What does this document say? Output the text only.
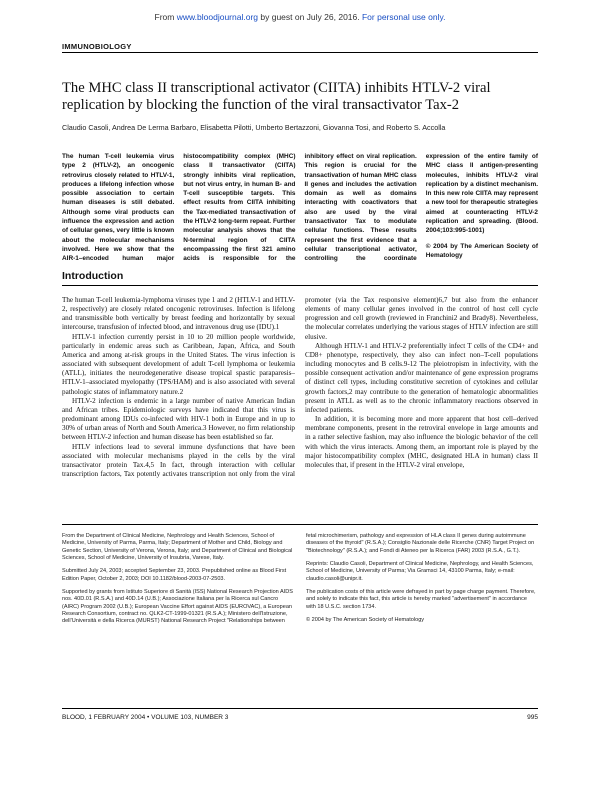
From www.bloodjournal.org by guest on July 26, 2016. For personal use only.
IMMUNOBIOLOGY
The MHC class II transcriptional activator (CIITA) inhibits HTLV-2 viral replication by blocking the function of the viral transactivator Tax-2
Claudio Casoli, Andrea De Lerma Barbaro, Elisabetta Pilotti, Umberto Bertazzoni, Giovanna Tosi, and Roberto S. Accolla

The human T-cell leukemia virus type 2 (HTLV-2), an oncogenic retrovirus closely related to HTLV-1, produces a lifelong infection whose possible association to certain human diseases is still debated. Although some viral products can influence the expression and action of cellular genes, very little is known about the molecular mechanisms involved. Here we show that the AIR-1–encoded human major histocompatibility complex (MHC) class II transactivator (CIITA) strongly inhibits viral replication, but not virus entry, in human B- and T-cell susceptible targets. This effect results from CIITA inhibiting the Tax-mediated transactivation of the HTLV-2 long-term repeat. Further molecular analysis shows that the N-terminal region of CIITA encompassing the first 321 amino acids is responsible for the inhibitory effect on viral replication. This region is crucial for the transactivation of human MHC class II genes and includes the activation domain as well as domains interacting with coactivators that also are used by the viral transactivator Tax to modulate cellular functions. These results represent the first evidence that a cellular transcriptional activator, controlling the coordinate expression of the entire family of MHC class II antigen-presenting molecules, inhibits HTLV-2 viral replication by a distinct mechanism. In this new role CIITA may represent a new tool for therapeutic strategies aimed at counteracting HTLV-2 replication and spreading. (Blood. 2004;103:995-1001)

© 2004 by The American Society of Hematology
Introduction

The human T-cell leukemia-lymphoma viruses type 1 and 2 (HTLV-1 and HTLV-2, respectively) are closely related oncogenic retroviruses. Infection is lifelong and transmissible both vertically by breast feeding and horizontally by sexual intercourse, transfusion of infected blood, and intravenous drug use (IDU).1

HTLV-1 infection currently persist in 10 to 20 million people worldwide, particularly in endemic areas such as Caribbean, Japan, Africa, and South America and among at-risk groups in the United States. The virus infection is associated with subsequent development of adult T-cell lymphoma or leukemia (ATLL), initiates the neurodegenerative disease tropical spastic paraparesis–HTLV-1–associated myelopathy (TPS/HAM) and is also associated with several pathologic states of inflammatory nature.2

HTLV-2 infection is endemic in a large number of native American Indian and African tribes. Epidemiologic surveys have indicated that this virus is predominant among IDUs co-infected with HIV-1 both in Europe and in up to 30% of urban areas of North and South America.3 However, no firm relationship between HTLV-2 infection and human disease has been established so far.

HTLV infections lead to several immune dysfunctions that have been associated with molecular mechanisms played in the cells by the viral transactivator protein Tax.4,5 In fact, through interaction with cellular transcription factors, Tax potently activates transcription not only from the viral promoter (via the Tax responsive element)6,7 but also from the enhancer elements of many cellular genes involved in the control of host cell cycle progression and cell growth (reviewed in Franchini2 and Brady8). Nevertheless, the molecular correlates underlying the various stages of HTLV infection are still elusive.

Although HTLV-1 and HTLV-2 preferentially infect T cells of the CD4+ and CD8+ phenotype, respectively, they also can infect non–T-cell populations including monocytes and B cells.9-12 The pleiotropism in infectivity, with the possible consequent activation and/or maintenance of gene expression programs of distinct cell types, including constitutive secretion of cytokines and cellular growth factors,2 may contribute to the generation of hematologic abnormalities present in ATLL as well as to the chronic inflammatory reactions observed in infected patients.

In addition, it is becoming more and more apparent that host cell–derived membrane components, present in the retroviral envelope in large amounts and in a rather selective fashion, may also influence the biologic behavior of the cell with which the virus interacts. Among them, an important role is played by the major histocompatibility complex (MHC, designated HLA in human) class II molecules that, if present in the HTLV-2 viral envelope,

From the Department of Clinical Medicine, Nephrology and Health Sciences, School of Medicine, University of Parma, Parma, Italy; Department of Mother and Child, Biology and Genetic Section, University of Verona, Verona, Italy; and Department of Clinical and Biological Sciences, School of Medicine, University of Insubria, Varese, Italy.

Submitted July 24, 2003; accepted September 23, 2003. Prepublished online as Blood First Edition Paper, October 2, 2003; DOI 10.1182/blood-2003-07-2503.

Supported by grants from Istituto Superiore di Sanità (ISS) National Research Projection AIDS nos. 40D.01 (R.S.A.) and 40D.14 (U.B.); Associazione Italiana per la Ricerca sul Cancro (AIRC) Program 2002 (U.B.); European Vaccine Effort against AIDS (EUROVAC), a European Research Consortium, contract no. QLK2-CT-1999-01321 (R.S.A.); Ministero dell'Istruzione, dell'Università e della Ricerca (MURST) National Research Project "Relationships between fetal microchimerism, pathology and expression of HLA class II genes during autoimmune diseases of the thyroid" (R.S.A.); Consiglio Nazionale delle Ricerche (CNR) Target Project on "Biotechnology" (R.S.A.); and Fondi di Ateneo per la Ricerca (FAR) 2003 (R.S.A., G.T.).

Reprints: Claudio Casoli, Department of Clinical Medicine, Nephrology, and Health Sciences, School of Medicine, University of Parma; Via Gramsci 14, 43100 Parma, Italy; e-mail: claudio.casoli@unipr.it.

The publication costs of this article were defrayed in part by page charge payment. Therefore, and solely to indicate this fact, this article is hereby marked "advertisement" in accordance with 18 U.S.C. section 1734.

© 2004 by The American Society of Hematology

BLOOD, 1 FEBRUARY 2004 • VOLUME 103, NUMBER 3	995
